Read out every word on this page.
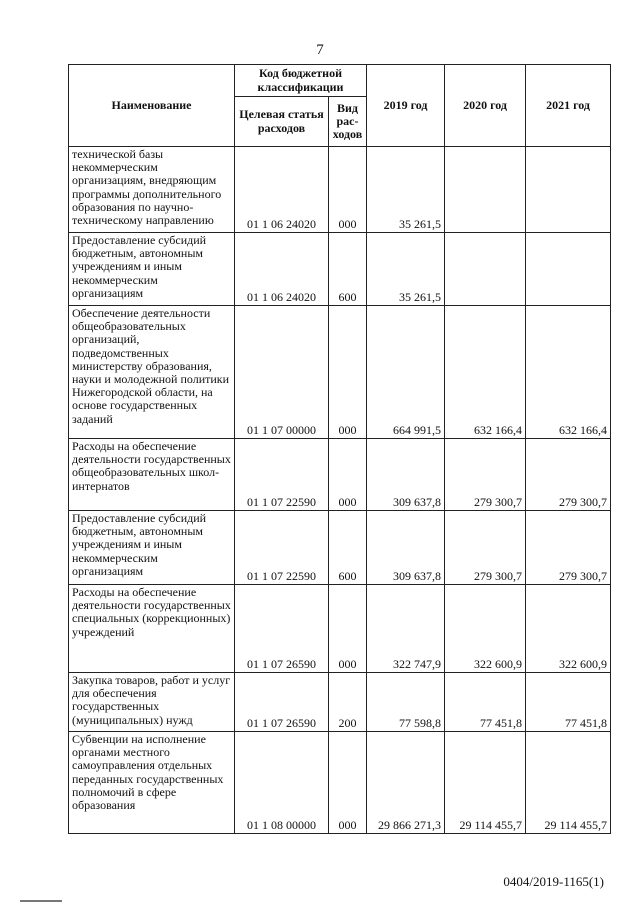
7
Наименование	Код бюджетной классификации		2019 год	2020 год	2021 год
	Целевая статья расходов	Вид рас-ходов			
технической базы некоммерческим организациям, внедряющим программы дополнительного образования по научно-техническому направлению	01 1 06 24020	000	35 261,5		
Предоставление субсидий бюджетным, автономным учреждениям и иным некоммерческим организациям	01 1 06 24020	600	35 261,5		
Обеспечение деятельности общеобразовательных организаций, подведомственных министерству образования, науки и молодежной политики Нижегородской области, на основе государственных заданий	01 1 07 00000	000	664 991,5	632 166,4	632 166,4
Расходы на обеспечение деятельности государственных общеобразовательных школ-интернатов	01 1 07 22590	000	309 637,8	279 300,7	279 300,7
Предоставление субсидий бюджетным, автономным учреждениям и иным некоммерческим организациям	01 1 07 22590	600	309 637,8	279 300,7	279 300,7
Расходы на обеспечение деятельности государственных специальных (коррекционных) учреждений	01 1 07 26590	000	322 747,9	322 600,9	322 600,9
Закупка товаров, работ и услуг для обеспечения государственных (муниципальных) нужд	01 1 07 26590	200	77 598,8	77 451,8	77 451,8
Субвенции на исполнение органами местного самоуправления отдельных переданных государственных полномочий в сфере образования	01 1 08 00000	000	29 866 271,3	29 114 455,7	29 114 455,7
0404/2019-1165(1)
